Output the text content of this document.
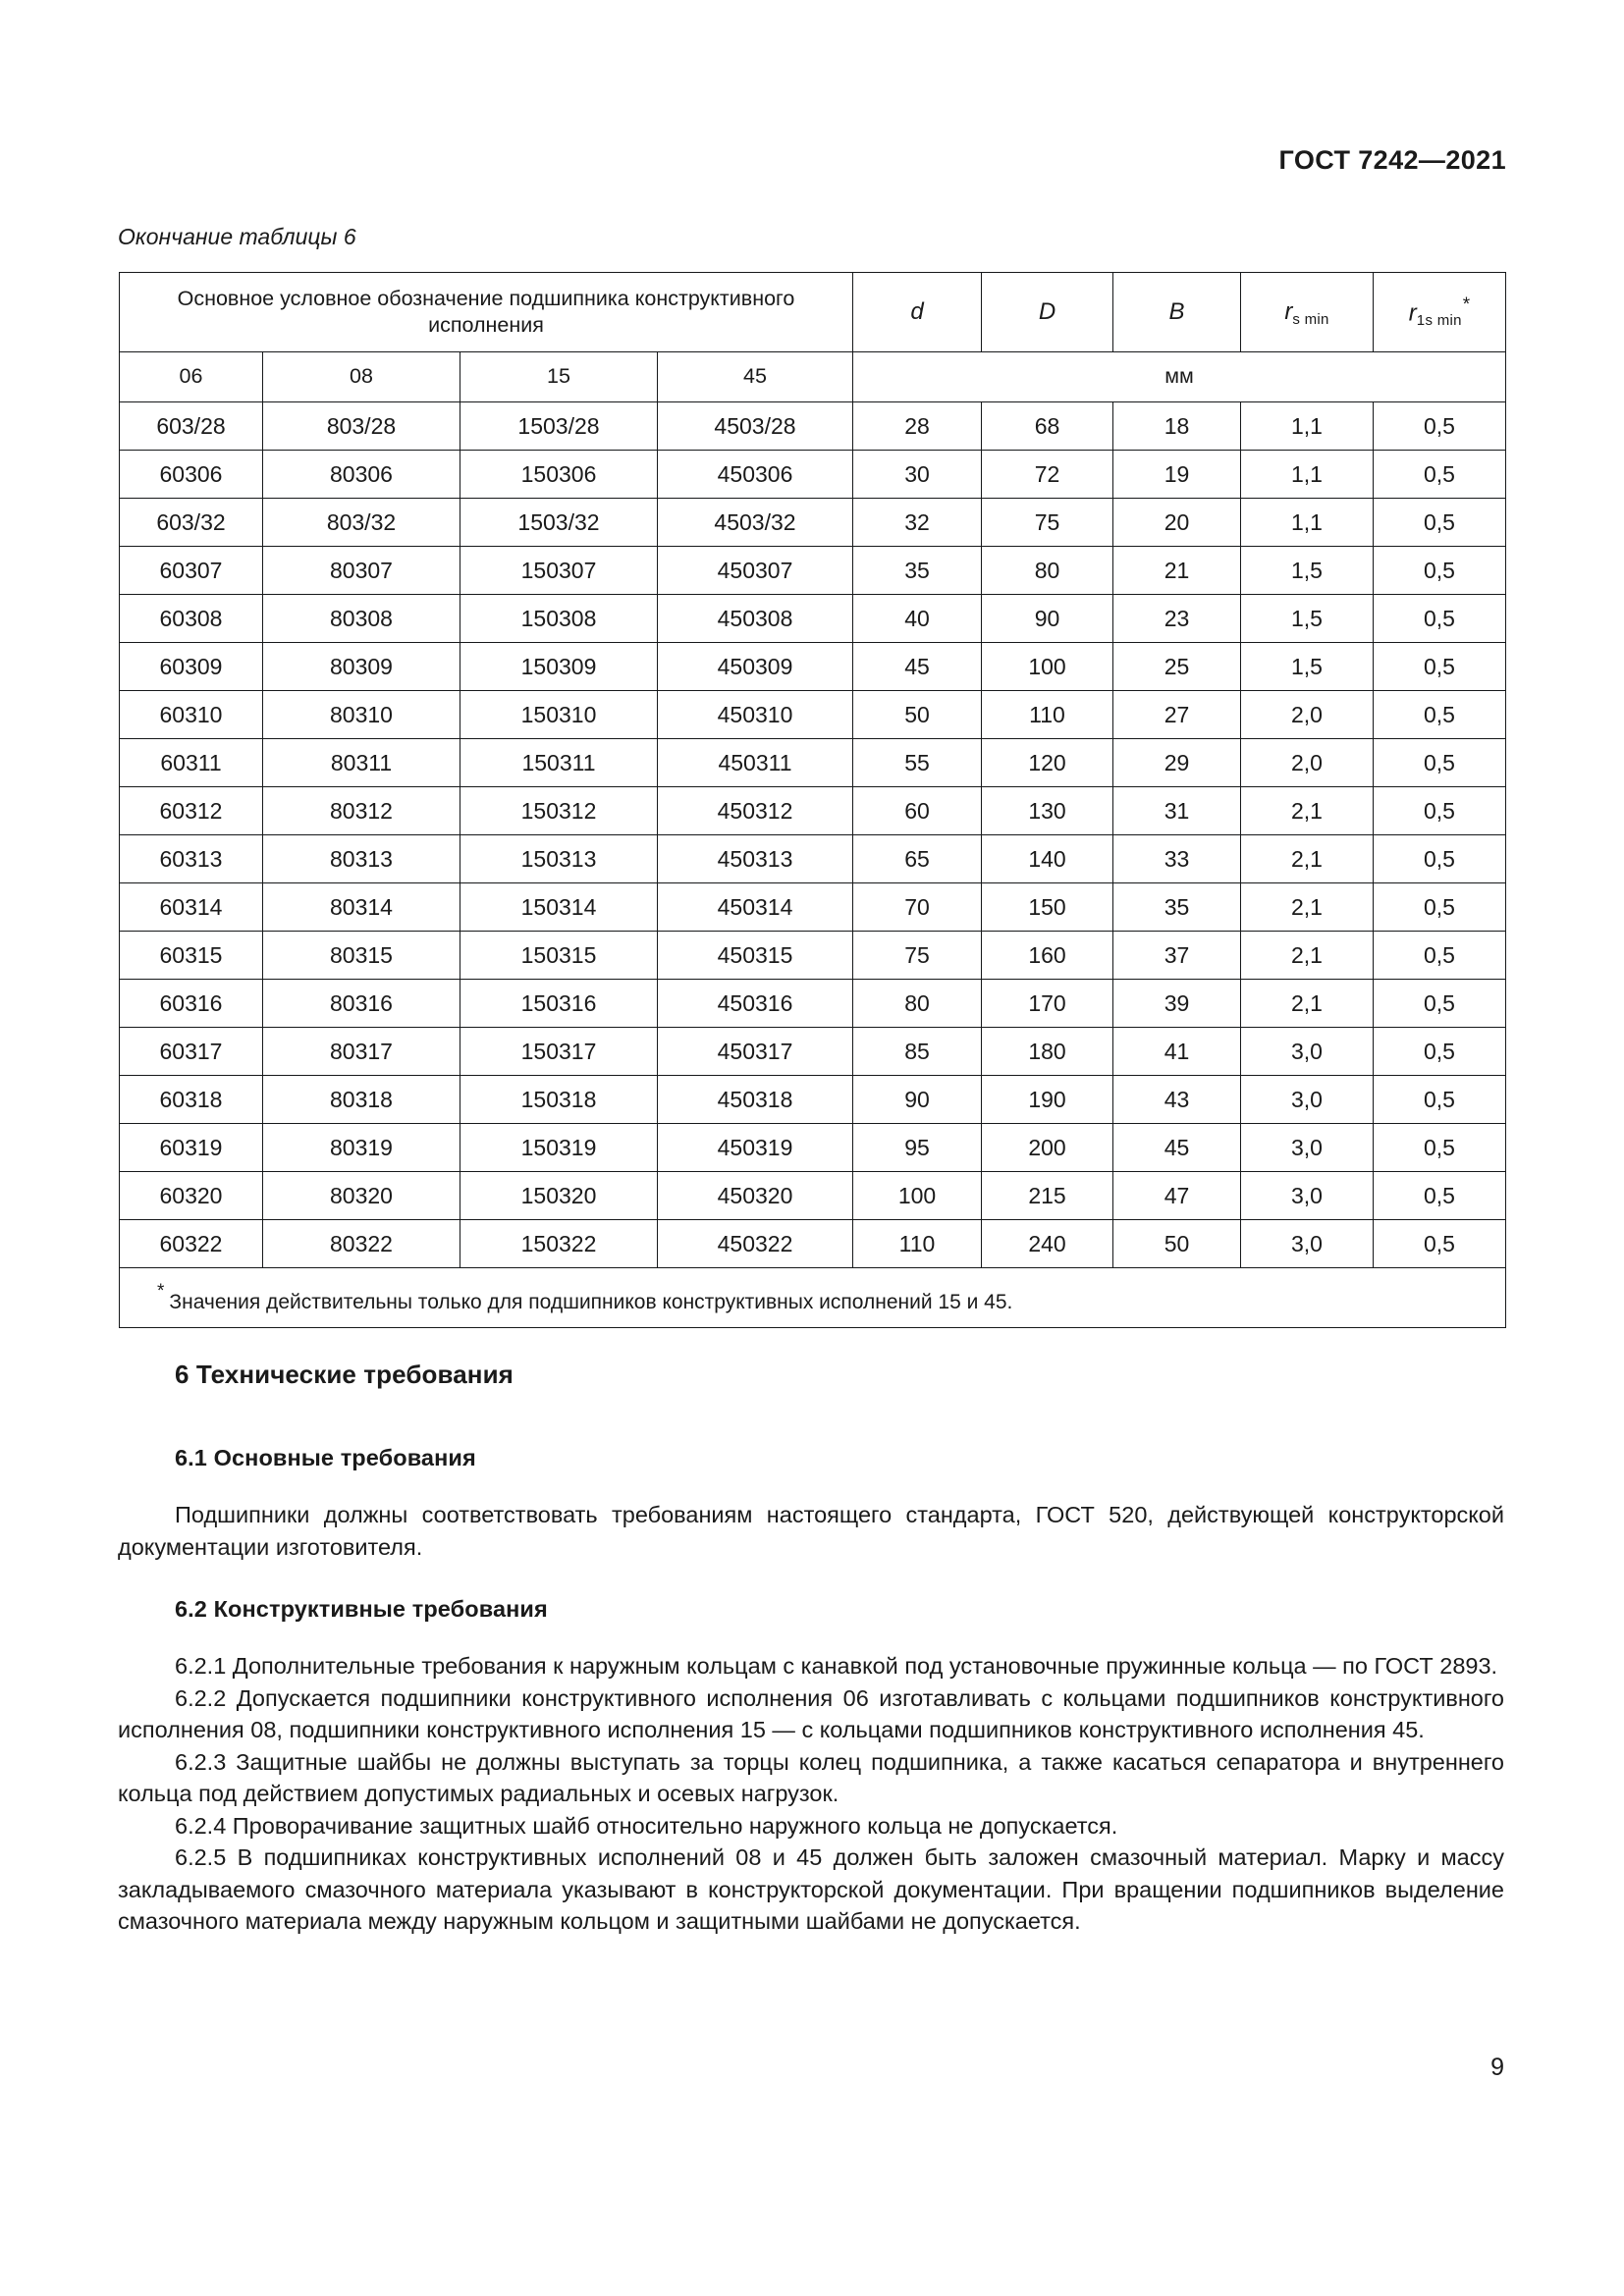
ГОСТ 7242—2021
Окончание таблицы 6
Основное условное обозначение подшипника конструктивного исполнения				d	D	B	$r_{s min}$	$r_{1s min}^*$
06	08	15	45	мм				
603/28	803/28	1503/28	4503/28	28	68	18	1,1	0,5
60306	80306	150306	450306	30	72	19	1,1	0,5
603/32	803/32	1503/32	4503/32	32	75	20	1,1	0,5
60307	80307	150307	450307	35	80	21	1,5	0,5
60308	80308	150308	450308	40	90	23	1,5	0,5
60309	80309	150309	450309	45	100	25	1,5	0,5
60310	80310	150310	450310	50	110	27	2,0	0,5
60311	80311	150311	450311	55	120	29	2,0	0,5
60312	80312	150312	450312	60	130	31	2,1	0,5
60313	80313	150313	450313	65	140	33	2,1	0,5
60314	80314	150314	450314	70	150	35	2,1	0,5
60315	80315	150315	450315	75	160	37	2,1	0,5
60316	80316	150316	450316	80	170	39	2,1	0,5
60317	80317	150317	450317	85	180	41	3,0	0,5
60318	80318	150318	450318	90	190	43	3,0	0,5
60319	80319	150319	450319	95	200	45	3,0	0,5
60320	80320	150320	450320	100	215	47	3,0	0,5
60322	80322	150322	450322	110	240	50	3,0	0,5
* Значения действительны только для подшипников конструктивных исполнений 15 и 45.								
6 Технические требования
6.1 Основные требования

Подшипники должны соответствовать требованиям настоящего стандарта, ГОСТ 520, действующей конструкторской документации изготовителя.

6.2 Конструктивные требования

6.2.1 Дополнительные требования к наружным кольцам с канавкой под установочные пружинные кольца — по ГОСТ 2893.

6.2.2 Допускается подшипники конструктивного исполнения 06 изготавливать с кольцами подшипников конструктивного исполнения 08, подшипники конструктивного исполнения 15 — с кольцами подшипников конструктивного исполнения 45.

6.2.3 Защитные шайбы не должны выступать за торцы колец подшипника, а также касаться сепаратора и внутреннего кольца под действием допустимых радиальных и осевых нагрузок.

6.2.4 Проворачивание защитных шайб относительно наружного кольца не допускается.

6.2.5 В подшипниках конструктивных исполнений 08 и 45 должен быть заложен смазочный материал. Марку и массу закладываемого смазочного материала указывают в конструкторской документации. При вращении подшипников выделение смазочного материала между наружным кольцом и защитными шайбами не допускается.

9
